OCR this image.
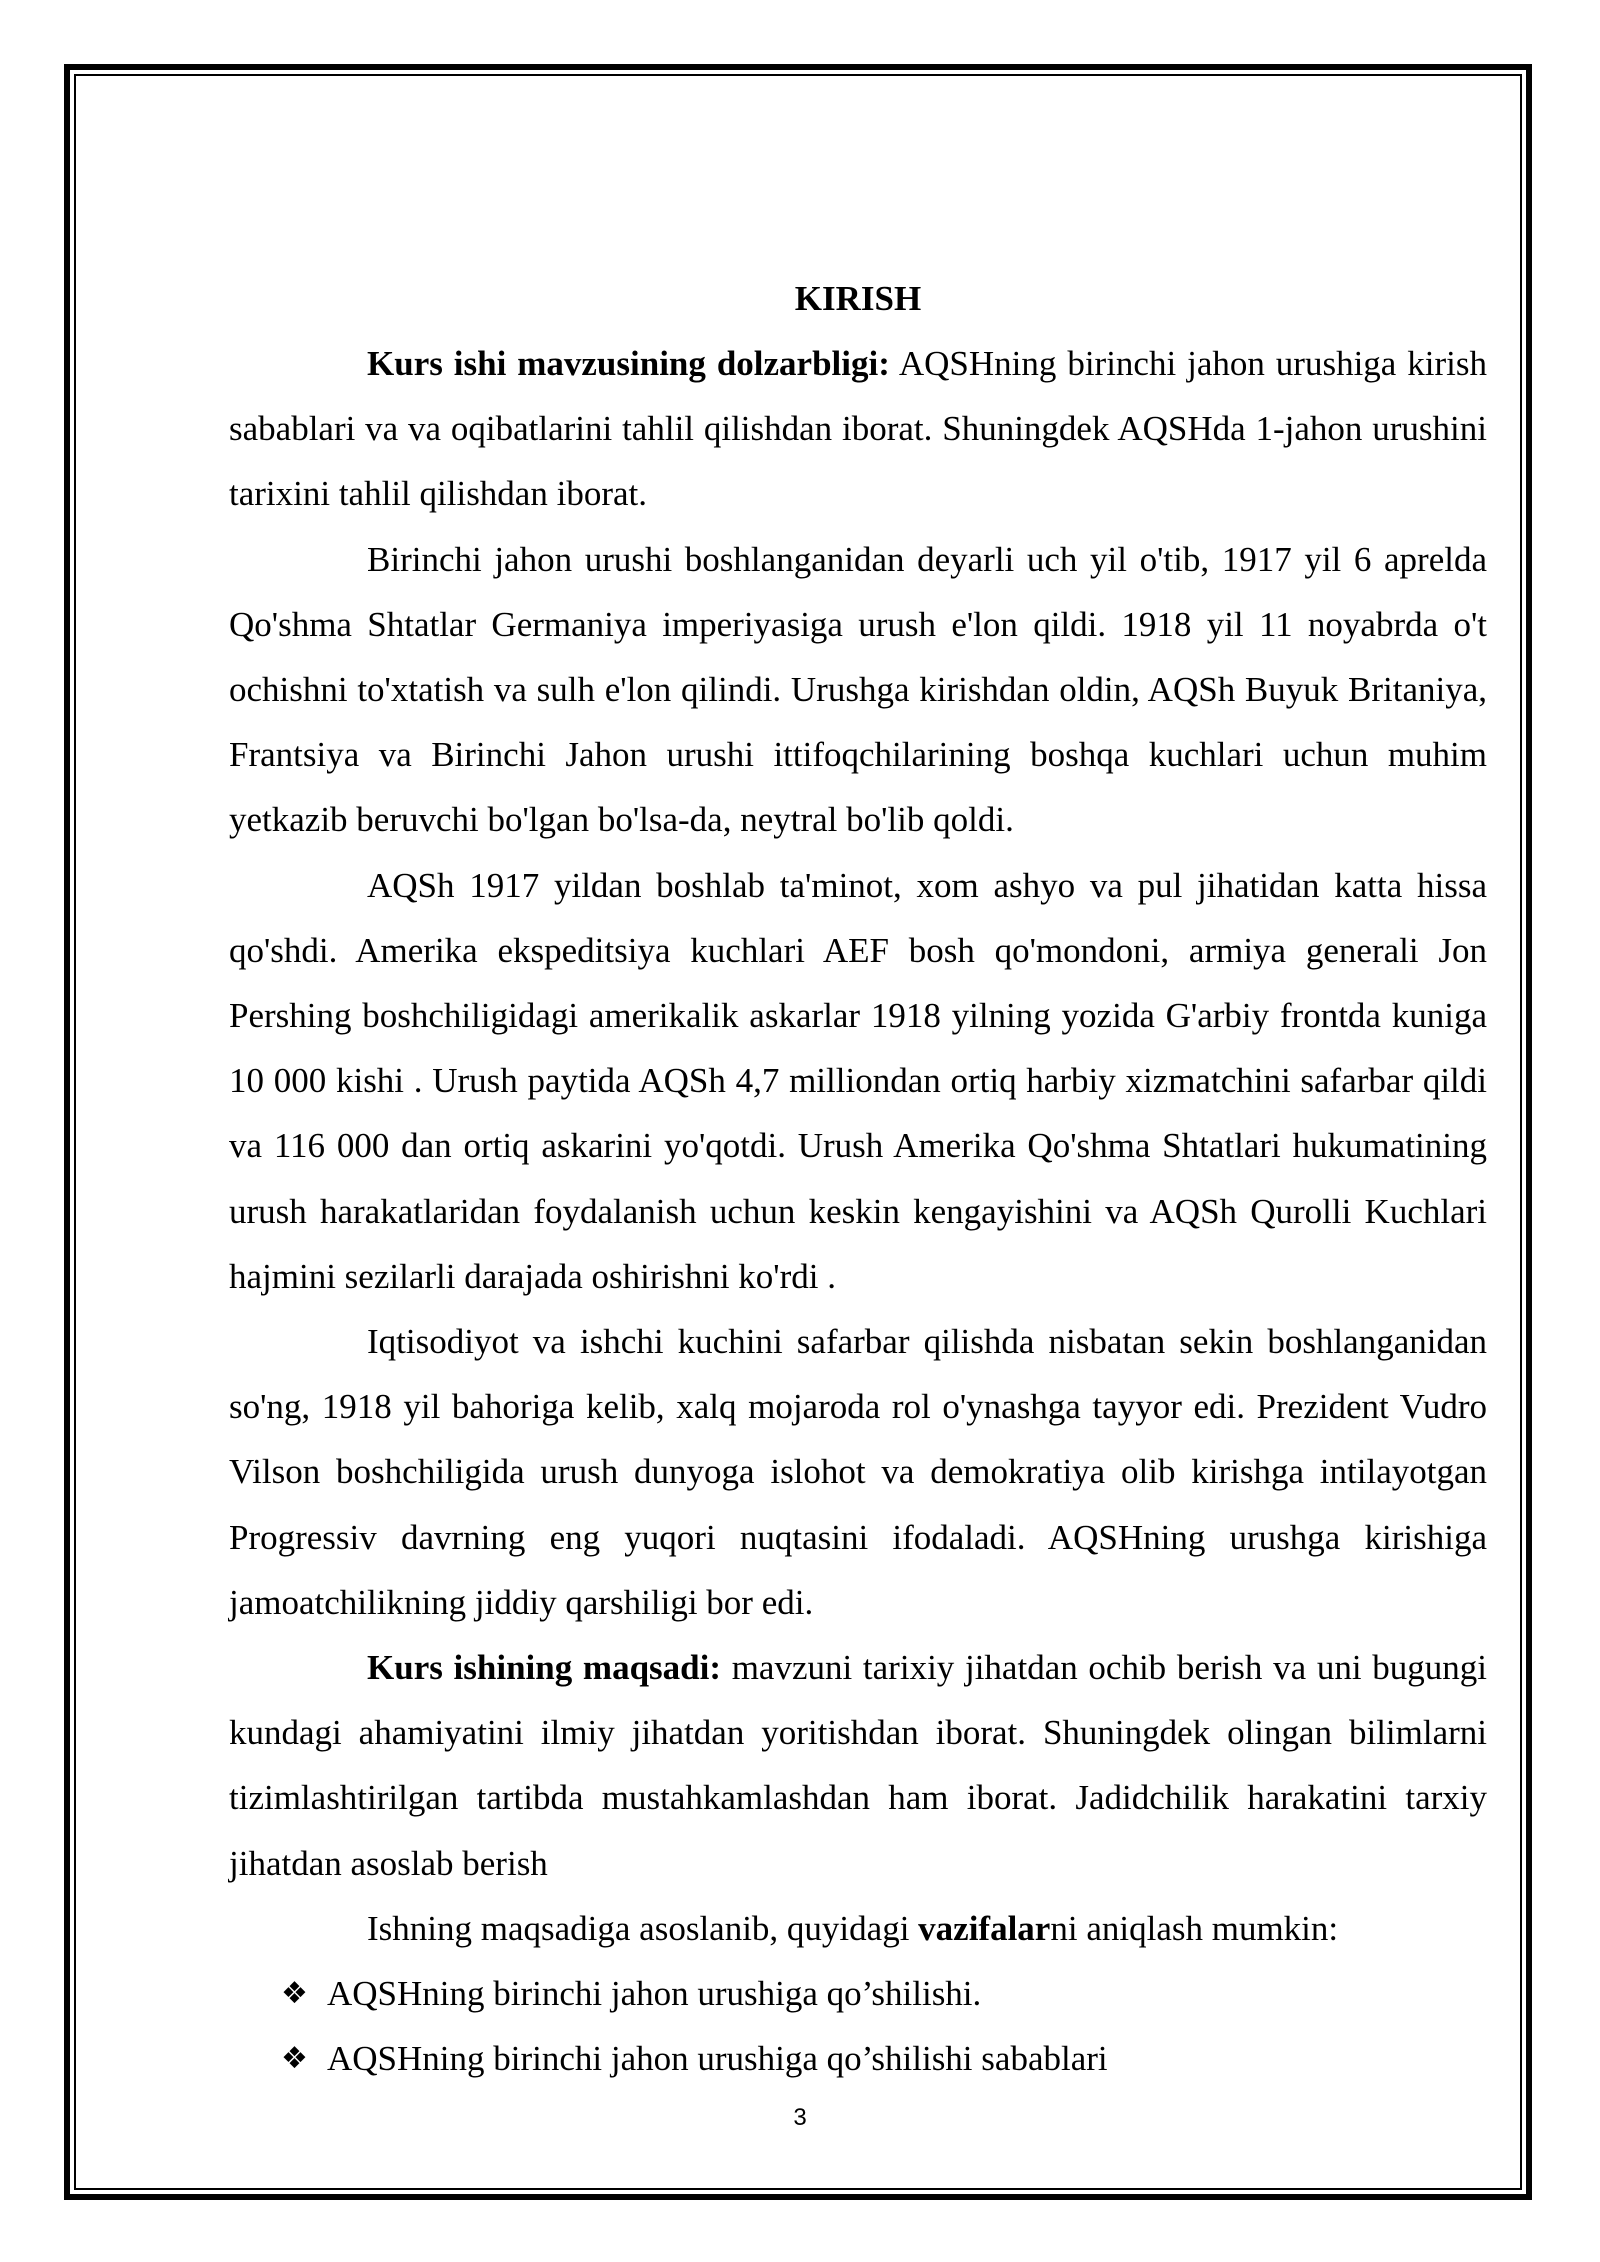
KIRISH

Kurs ishi mavzusining dolzarbligi: AQSHning birinchi jahon urushiga kirish sabablari va va oqibatlarini tahlil qilishdan iborat. Shuningdek AQSHda 1-jahon urushini tarixini tahlil qilishdan iborat.

Birinchi jahon urushi boshlanganidan deyarli uch yil o'tib, 1917 yil 6 aprelda Qo'shma Shtatlar Germaniya imperiyasiga urush e'lon qildi. 1918 yil 11 noyabrda o't ochishni to'xtatish va sulh e'lon qilindi. Urushga kirishdan oldin, AQSh Buyuk Britaniya, Frantsiya va Birinchi Jahon urushi ittifoqchilarining boshqa kuchlari uchun muhim yetkazib beruvchi bo'lgan bo'lsa-da, neytral bo'lib qoldi.

AQSh 1917 yildan boshlab ta'minot, xom ashyo va pul jihatidan katta hissa qo'shdi. Amerika ekspeditsiya kuchlari AEF bosh qo'mondoni, armiya generali Jon Pershing boshchiligidagi amerikalik askarlar 1918 yilning yozida G'arbiy frontda kuniga 10 000 kishi . Urush paytida AQSh 4,7 milliondan ortiq harbiy xizmatchini safarbar qildi va 116 000 dan ortiq askarini yo'qotdi. Urush Amerika Qo'shma Shtatlari hukumatining urush harakatlaridan foydalanish uchun keskin kengayishini va AQSh Qurolli Kuchlari hajmini sezilarli darajada oshirishni ko'rdi .

Iqtisodiyot va ishchi kuchini safarbar qilishda nisbatan sekin boshlanganidan so'ng, 1918 yil bahoriga kelib, xalq mojaroda rol o'ynashga tayyor edi. Prezident Vudro Vilson boshchiligida urush dunyoga islohot va demokratiya olib kirishga intilayotgan Progressiv davrning eng yuqori nuqtasini ifodaladi. AQSHning urushga kirishiga jamoatchilikning jiddiy qarshiligi bor edi.

Kurs ishining maqsadi: mavzuni tarixiy jihatdan ochib berish va uni bugungi kundagi ahamiyatini ilmiy jihatdan yoritishdan iborat. Shuningdek olingan bilimlarni tizimlashtirilgan tartibda mustahkamlashdan ham iborat. Jadidchilik harakatini tarxiy jihatdan asoslab berish

Ishning maqsadiga asoslanib, quyidagi vazifalarni aniqlash mumkin:

❖ AQSHning birinchi jahon urushiga qo’shilishi.
❖ AQSHning birinchi jahon urushiga qo’shilishi sabablari
3
